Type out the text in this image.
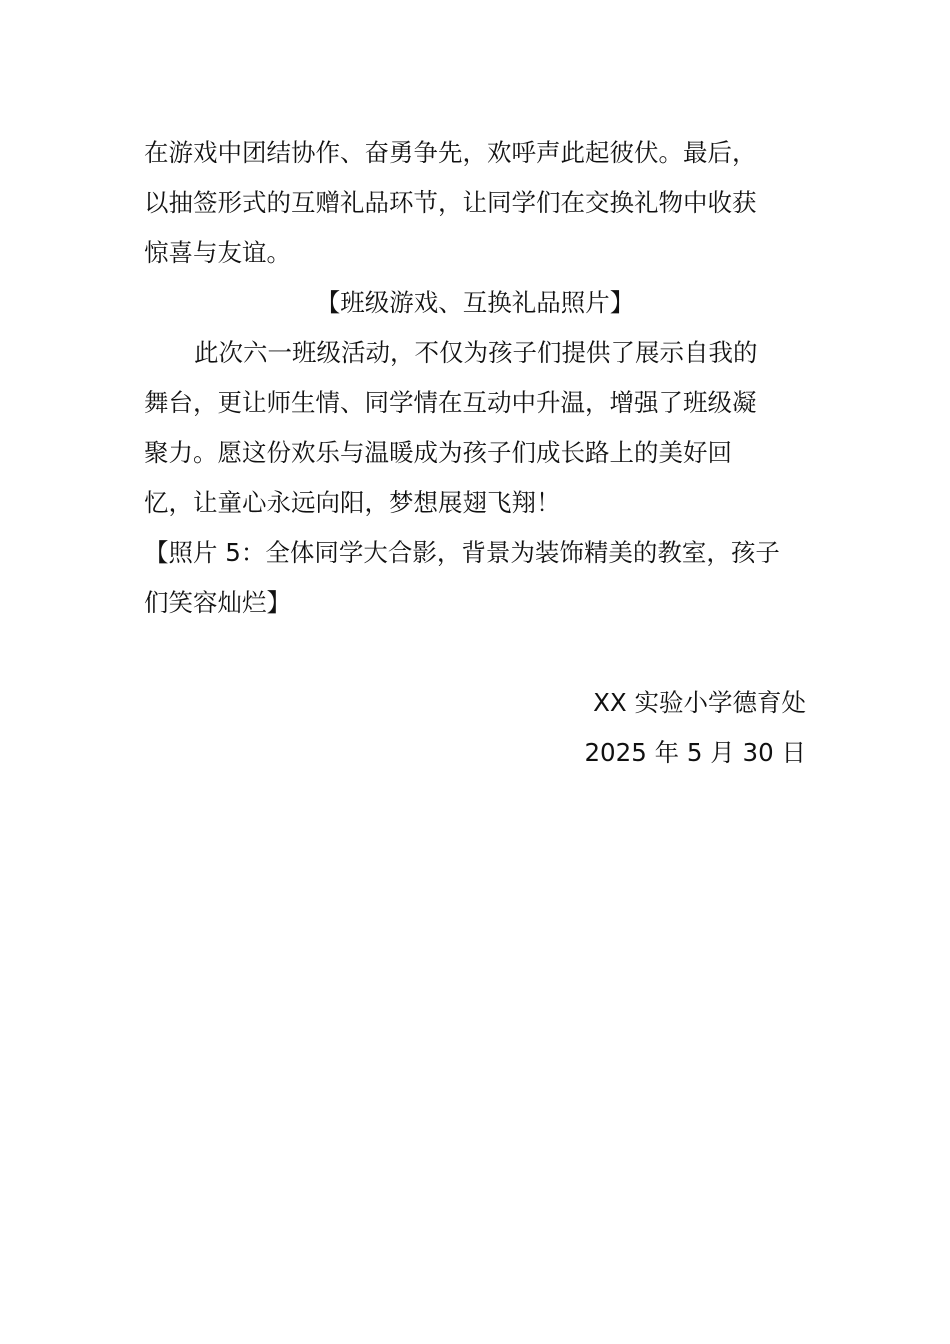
在游戏中团结协作、奋勇争先，欢呼声此起彼伏。最后，
以抽签形式的互赠礼品环节，让同学们在交换礼物中收获
惊喜与友谊。
【班级游戏、互换礼品照片】
此次六一班级活动，不仅为孩子们提供了展示自我的
舞台，更让师生情、同学情在互动中升温，增强了班级凝
聚力。愿这份欢乐与温暖成为孩子们成长路上的美好回
忆，让童心永远向阳，梦想展翅飞翔！
【照片 5：全体同学大合影，背景为装饰精美的教室，孩子
们笑容灿烂】
XX 实验小学德育处
2025 年 5 月 30 日
